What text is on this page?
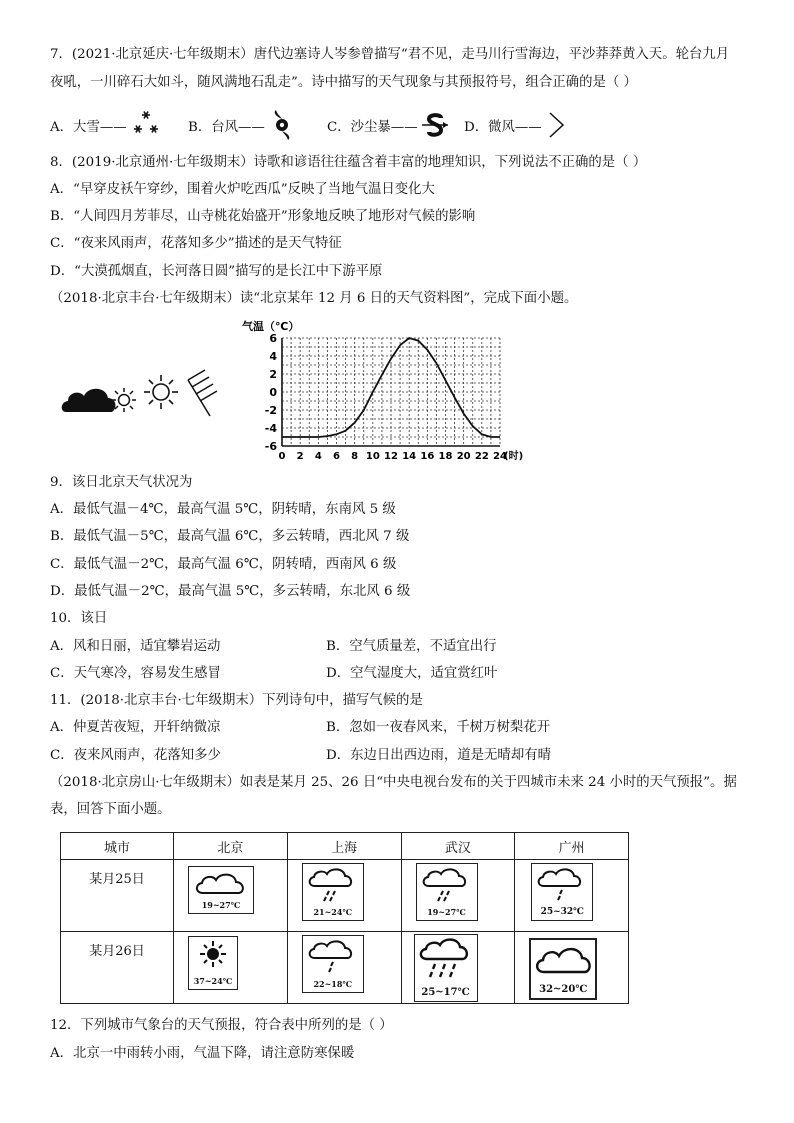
7．(2021·北京延庆·七年级期末）唐代边塞诗人岑参曾描写“君不见，走马川行雪海边，平沙莽莽黄入天。轮台九月
夜吼，一川碎石大如斗，随风满地石乱走”。诗中描写的天气现象与其预报符号，组合正确的是（ ）
A．大雪——	B．台风——	C．沙尘暴——	D．微风——
8．(2019·北京通州·七年级期末）诗歌和谚语往往蕴含着丰富的地理知识，下列说法不正确的是（ ）
A．“早穿皮袄午穿纱，围着火炉吃西瓜”反映了当地气温日变化大
B．“人间四月芳菲尽，山寺桃花始盛开”形象地反映了地形对气候的影响
C．“夜来风雨声，花落知多少”描述的是天气特征
D．“大漠孤烟直，长河落日圆”描写的是长江中下游平原
（2018·北京丰台·七年级期末）读“北京某年 12 月 6 日的天气资料图”，完成下面小题。
气温（℃）
6
4
2
0
-2
-4
-6
0 2 4 6 8 10 12 14 16 18 20 22 24
(时)
9．该日北京天气状况为
A．最低气温－4℃，最高气温 5℃，阴转晴，东南风 5 级
B．最低气温－5℃，最高气温 6℃，多云转晴，西北风 7 级
C．最低气温－2℃，最高气温 6℃，阴转晴，西南风 6 级
D．最低气温－2℃，最高气温 5℃，多云转晴，东北风 6 级
10．该日
A．风和日丽，适宜攀岩运动	B．空气质量差，不适宜出行
C．天气寒冷，容易发生感冒	D．空气湿度大，适宜赏红叶
11．(2018·北京丰台·七年级期末）下列诗句中，描写气候的是
A．仲夏苦夜短，开轩纳微凉	B．忽如一夜春风来，千树万树梨花开
C．夜来风雨声，花落知多少	D．东边日出西边雨，道是无晴却有晴
（2018·北京房山·七年级期末）如表是某月 25、26 日“中央电视台发布的关于四城市未来 24 小时的天气预报”。据
表，回答下面小题。
城市	北京	上海	武汉	广州
某月25日	19~27℃	21~24℃	19~27℃	25~32℃

某月26日	37~24℃	22~18℃	25~17℃	32~20℃
12．下列城市气象台的天气预报，符合表中所列的是（ ）
A．北京一中雨转小雨，气温下降，请注意防寒保暖
